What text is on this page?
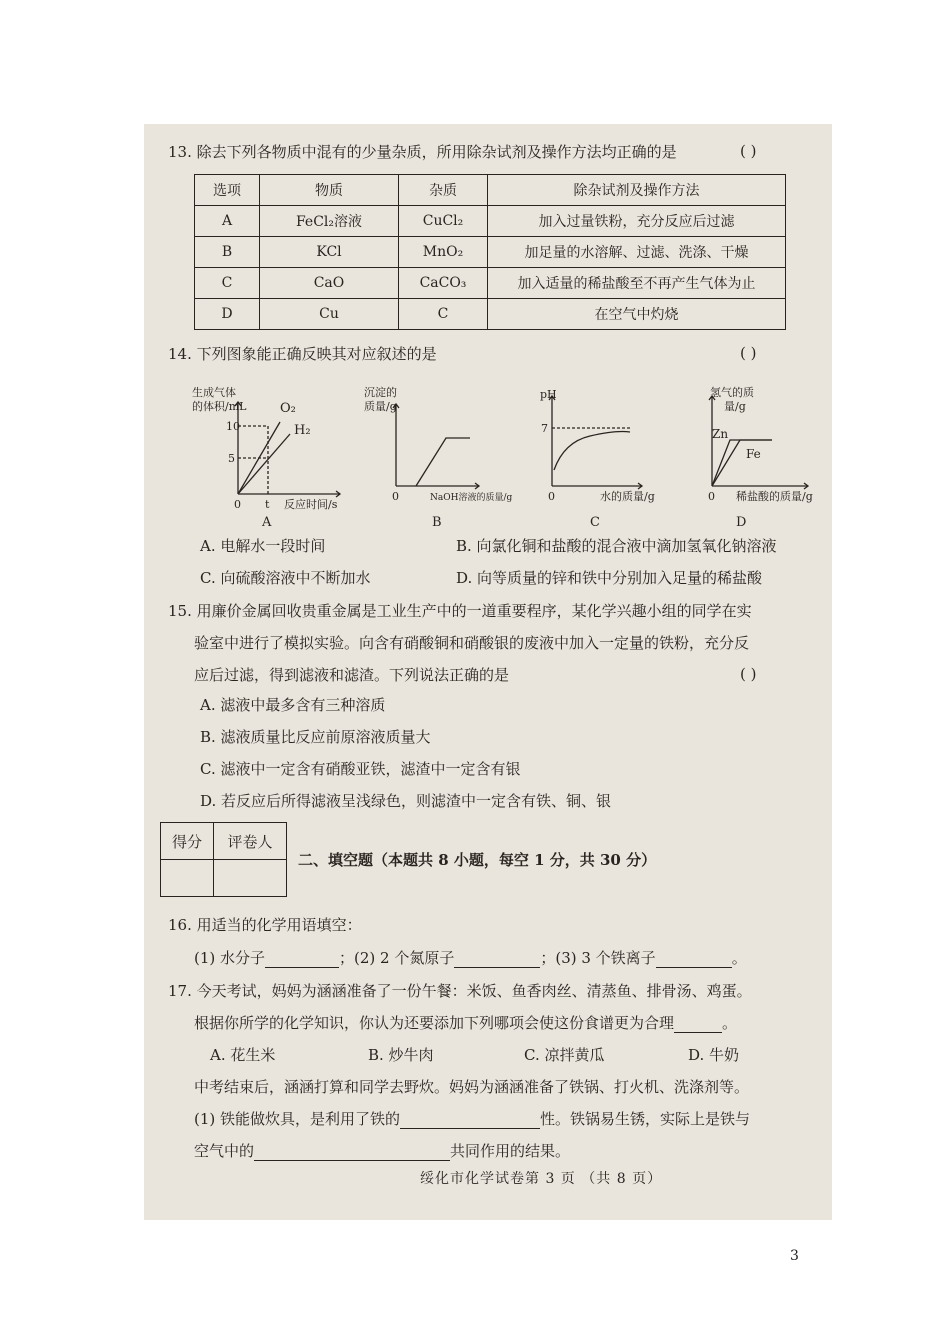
13. 除去下列各物质中混有的少量杂质，所用除杂试剂及操作方法均正确的是	( )
选项	物质	杂质	除杂试剂及操作方法
A	FeCl₂溶液	CuCl₂	加入过量铁粉，充分反应后过滤
B	KCl	MnO₂	加足量的水溶解、过滤、洗涤、干燥
C	CaO	CaCO₃	加入适量的稀盐酸至不再产生气体为止
D	Cu	C	在空气中灼烧
14. 下列图象能正确反映其对应叙述的是	( )
生成气体
的体积/mL
10
5
0 t 反应时间/s
O₂
H₂
A
沉淀的
质量/g
0	NaOH溶液的质量/g
B
pH
7
0	水的质量/g
C
氢气的质
量/g
Zn
Fe
0 稀盐酸的质量/g
D
A. 电解水一段时间	B. 向氯化铜和盐酸的混合液中滴加氢氧化钠溶液
C. 向硫酸溶液中不断加水	D. 向等质量的锌和铁中分别加入足量的稀盐酸
15. 用廉价金属回收贵重金属是工业生产中的一道重要程序，某化学兴趣小组的同学在实
验室中进行了模拟实验。向含有硝酸铜和硝酸银的废液中加入一定量的铁粉，充分反
应后过滤，得到滤液和滤渣。下列说法正确的是	( )
A. 滤液中最多含有三种溶质
B. 滤液质量比反应前原溶液质量大
C. 滤液中一定含有硝酸亚铁，滤渣中一定含有银
D. 若反应后所得滤液呈浅绿色，则滤渣中一定含有铁、铜、银
得分	评卷人

二、填空题（本题共 8 小题，每空 1 分，共 30 分）
16. 用适当的化学用语填空：
(1) 水分子	；(2) 2 个氮原子	；(3) 3 个铁离子	。
17. 今天考试，妈妈为涵涵准备了一份午餐：米饭、鱼香肉丝、清蒸鱼、排骨汤、鸡蛋。
根据你所学的化学知识，你认为还要添加下列哪项会使这份食谱更为合理	。
A. 花生米	B. 炒牛肉	C. 凉拌黄瓜	D. 牛奶
中考结束后，涵涵打算和同学去野炊。妈妈为涵涵准备了铁锅、打火机、洗涤剂等。
(1) 铁能做炊具，是利用了铁的	性。铁锅易生锈，实际上是铁与
空气中的	共同作用的结果。
绥化市化学试卷第 3 页 （共 8 页）
3
